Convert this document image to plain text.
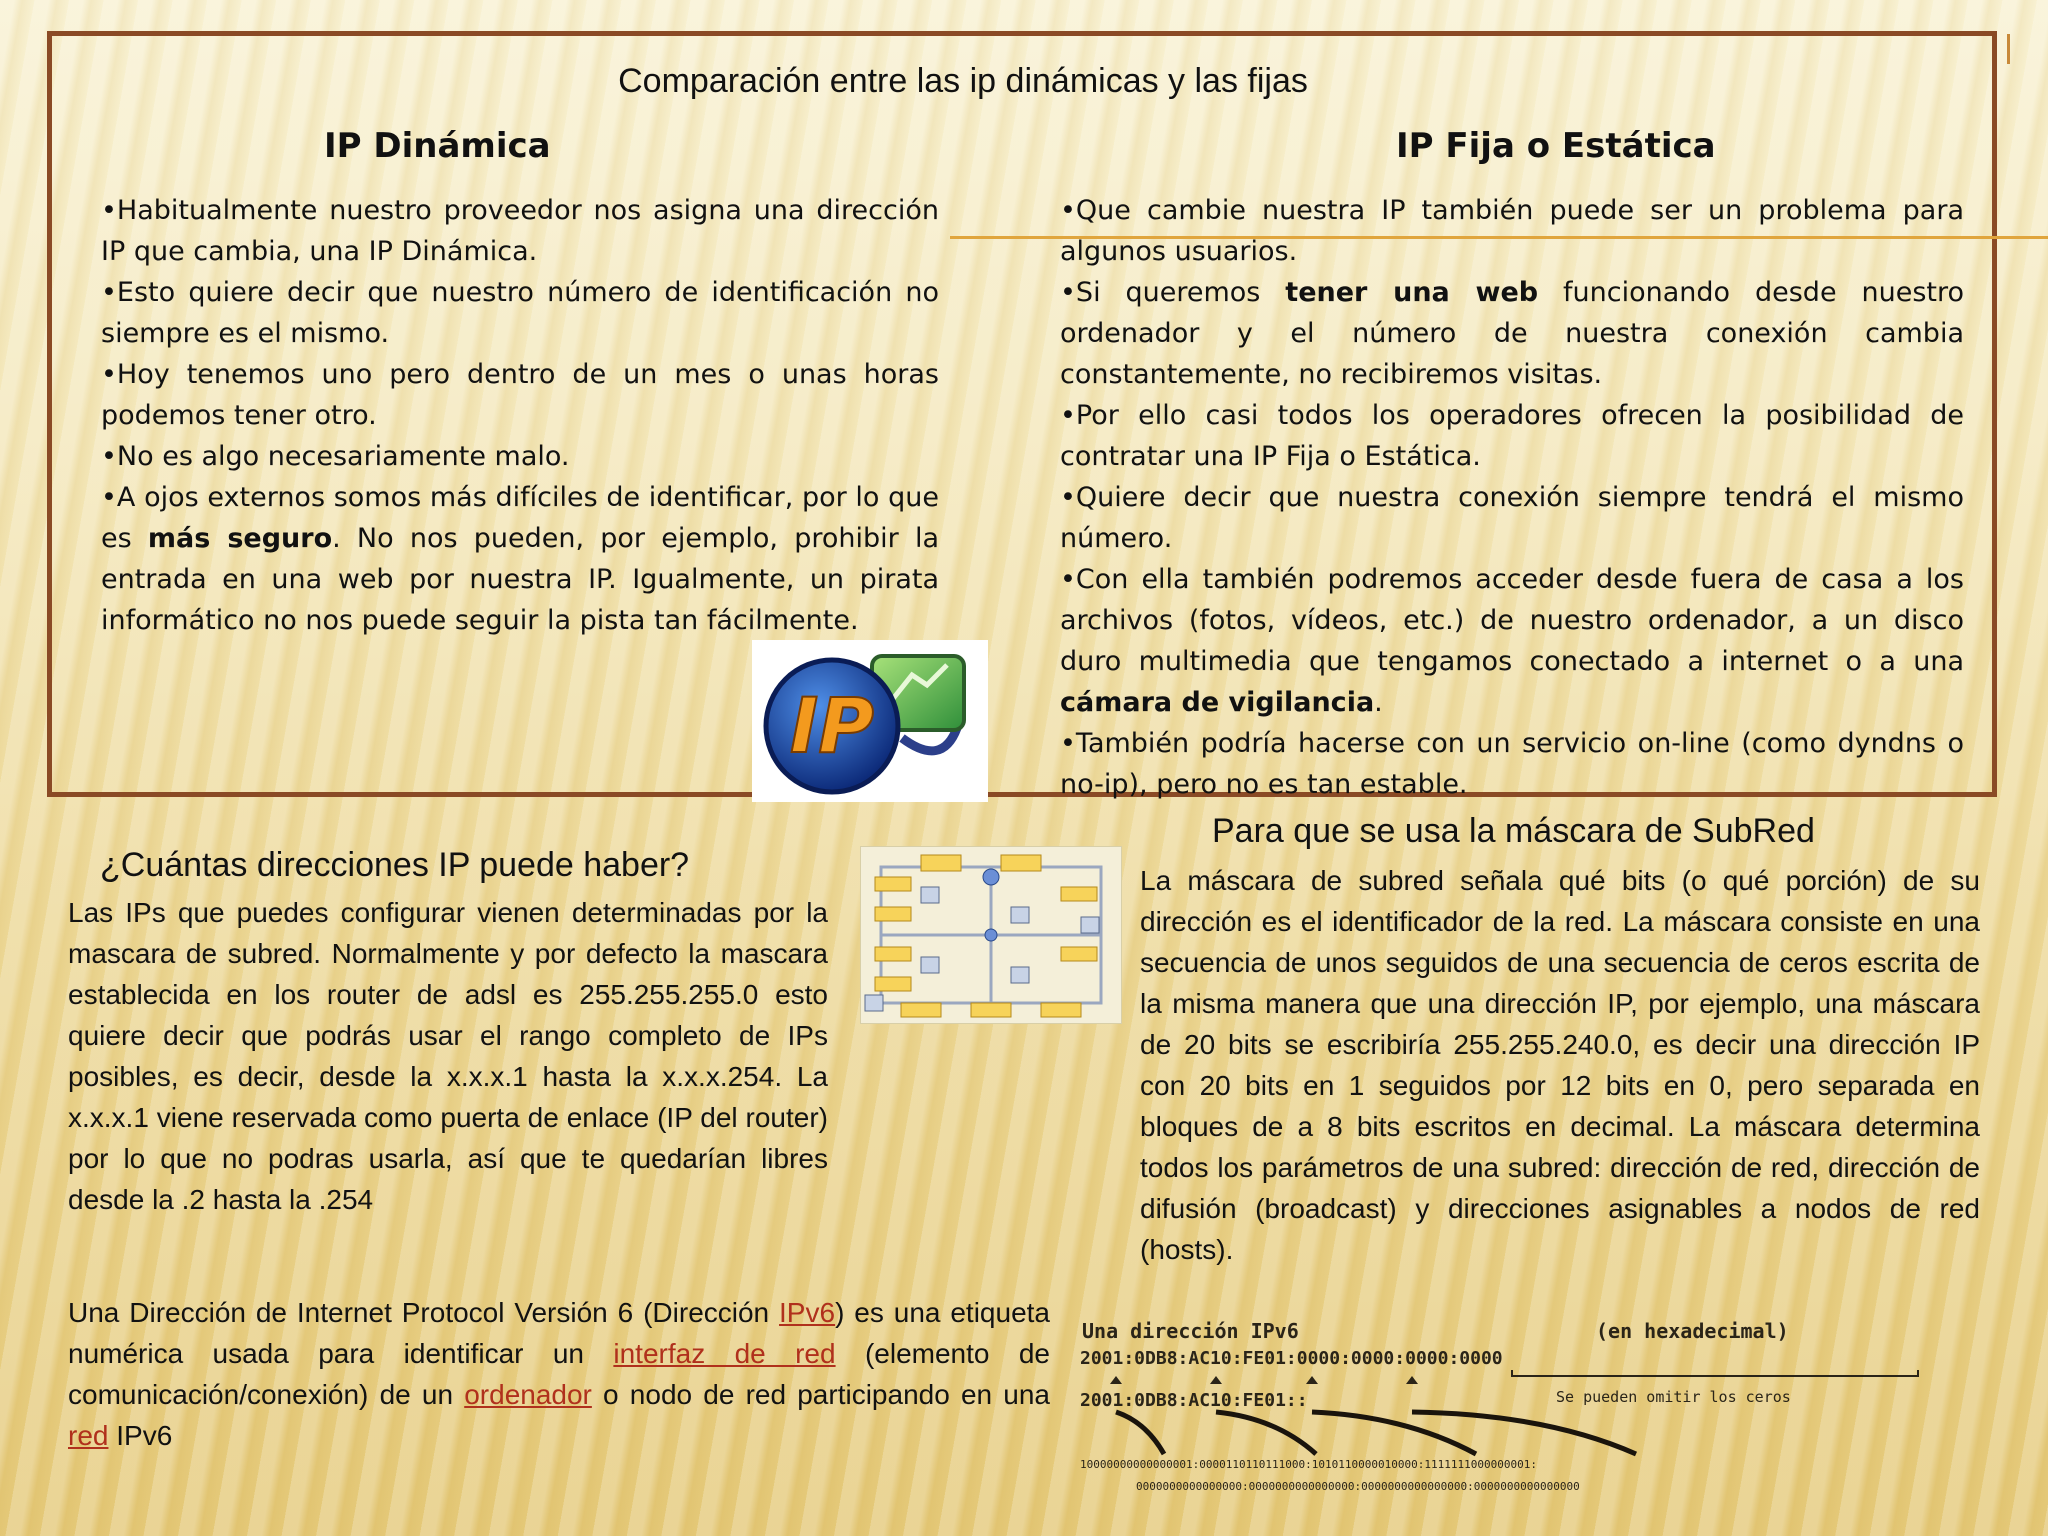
Comparación entre las ip dinámicas y las fijas
IP Dinámica	IP Fija o Estática

•Habitualmente nuestro proveedor nos asigna una dirección IP que cambia, una IP Dinámica.

•Esto quiere decir que nuestro número de identificación no siempre es el mismo.

•Hoy tenemos uno pero dentro de un mes o unas horas podemos tener otro.

•No es algo necesariamente malo.

•A ojos externos somos más difíciles de identificar, por lo que es más seguro. No nos pueden, por ejemplo, prohibir la entrada en una web por nuestra IP. Igualmente, un pirata informático no nos puede seguir la pista tan fácilmente.

•Que cambie nuestra IP también puede ser un problema para algunos usuarios.

•Si queremos tener una web funcionando desde nuestro ordenador y el número de nuestra conexión cambia constantemente, no recibiremos visitas.

•Por ello casi todos los operadores ofrecen la posibilidad de contratar una IP Fija o Estática.

•Quiere decir que nuestra conexión siempre tendrá el mismo número.

•Con ella también podremos acceder desde fuera de casa a los archivos (fotos, vídeos, etc.) de nuestro ordenador, a un disco duro multimedia que tengamos conectado a internet o a una cámara de vigilancia.

•También podría hacerse con un servicio on-line (como dyndns o no-ip), pero no es tan estable.

IP
¿Cuántas direcciones IP puede haber?
Las IPs que puedes configurar vienen determinadas por la mascara de subred. Normalmente y por defecto la mascara establecida en los router de adsl es 255.255.255.0 esto quiere decir que podrás usar el rango completo de IPs posibles, es decir, desde la x.x.x.1 hasta la x.x.x.254. La x.x.x.1 viene reservada como puerta de enlace (IP del router) por lo que no podras usarla, así que te quedarían libres desde la .2 hasta la .254
Para que se usa la máscara de SubRed
La máscara de subred señala qué bits (o qué porción) de su dirección es el identificador de la red. La máscara consiste en una secuencia de unos seguidos de una secuencia de ceros escrita de la misma manera que una dirección IP, por ejemplo, una máscara de 20 bits se escribiría 255.255.240.0, es decir una dirección IP con 20 bits en 1 seguidos por 12 bits en 0, pero separada en bloques de a 8 bits escritos en decimal. La máscara determina todos los parámetros de una subred: dirección de red, dirección de difusión (broadcast) y direcciones asignables a nodos de red (hosts).
Una Dirección de Internet Protocol Versión 6 (Dirección IPv6) es una etiqueta numérica usada para identificar un interfaz de red (elemento de comunicación/conexión) de un ordenador o nodo de red participando en una red IPv6
Una dirección IPv6	(en hexadecimal)
2001:0DB8:AC10:FE01:0000:0000:0000:0000
2001:0DB8:AC10:FE01::	Se pueden omitir los ceros
10000000000000001:0000110110111000:1010110000010000:1111111000000001:
0000000000000000:0000000000000000:0000000000000000:0000000000000000
